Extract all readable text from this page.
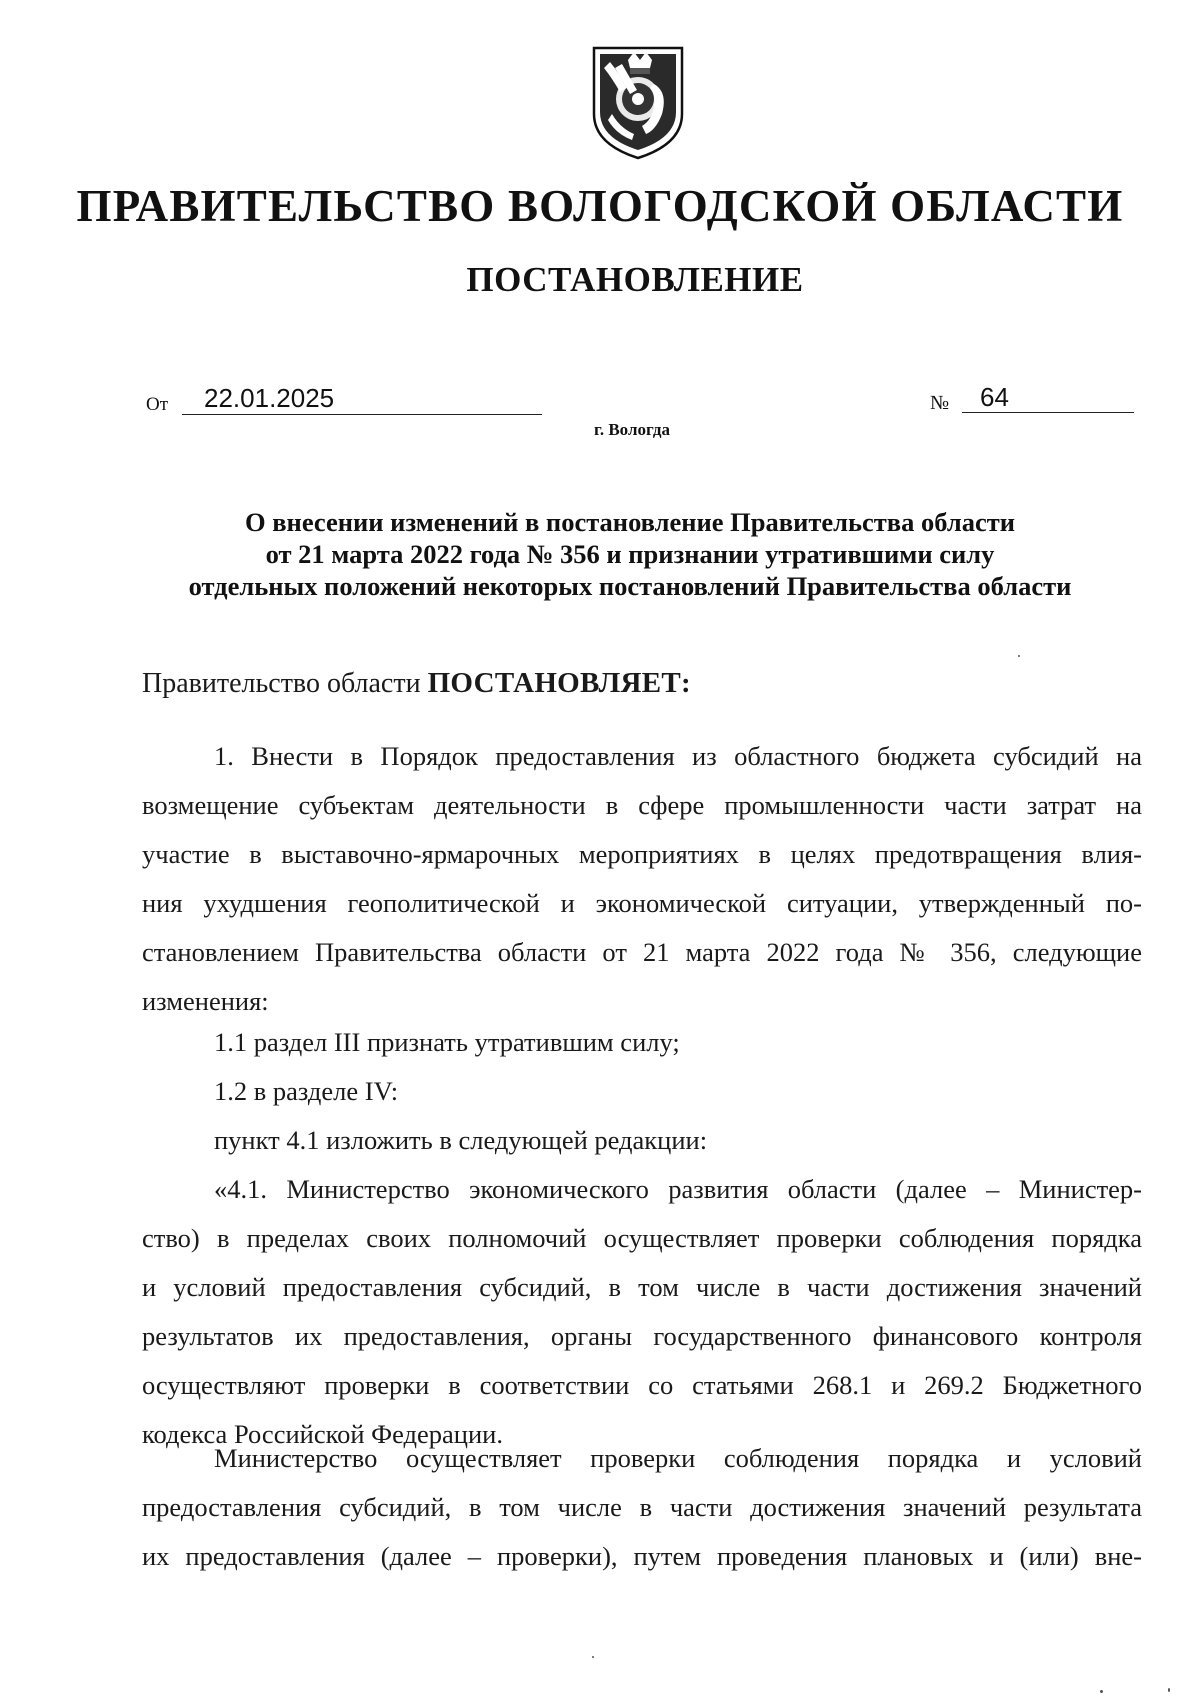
ПРАВИТЕЛЬСТВО ВОЛОГОДСКОЙ ОБЛАСТИ
ПОСТАНОВЛЕНИЕ
От	22.01.2025	№	64
г. Вологда
О внесении изменений в постановление Правительства области
от 21 марта 2022 года № 356 и признании утратившими силу
отдельных положений некоторых постановлений Правительства области
Правительство области ПОСТАНОВЛЯЕТ:
1. Внести в Порядок предоставления из областного бюджета субсидий на
возмещение субъектам деятельности в сфере промышленности части затрат на
участие в выставочно-ярмарочных мероприятиях в целях предотвращения влия-
ния ухудшения геополитической и экономической ситуации, утвержденный по-
становлением Правительства области от 21 марта 2022 года № 356, следующие
изменения:
1.1 раздел III признать утратившим силу;
1.2 в разделе IV:
пункт 4.1 изложить в следующей редакции:
«4.1. Министерство экономического развития области (далее – Министер-
ство) в пределах своих полномочий осуществляет проверки соблюдения порядка
и условий предоставления субсидий, в том числе в части достижения значений
результатов их предоставления, органы государственного финансового контроля
осуществляют проверки в соответствии со статьями 268.1 и 269.2 Бюджетного
кодекса Российской Федерации.
Министерство осуществляет проверки соблюдения порядка и условий
предоставления субсидий, в том числе в части достижения значений результата
их предоставления (далее – проверки), путем проведения плановых и (или) вне-
